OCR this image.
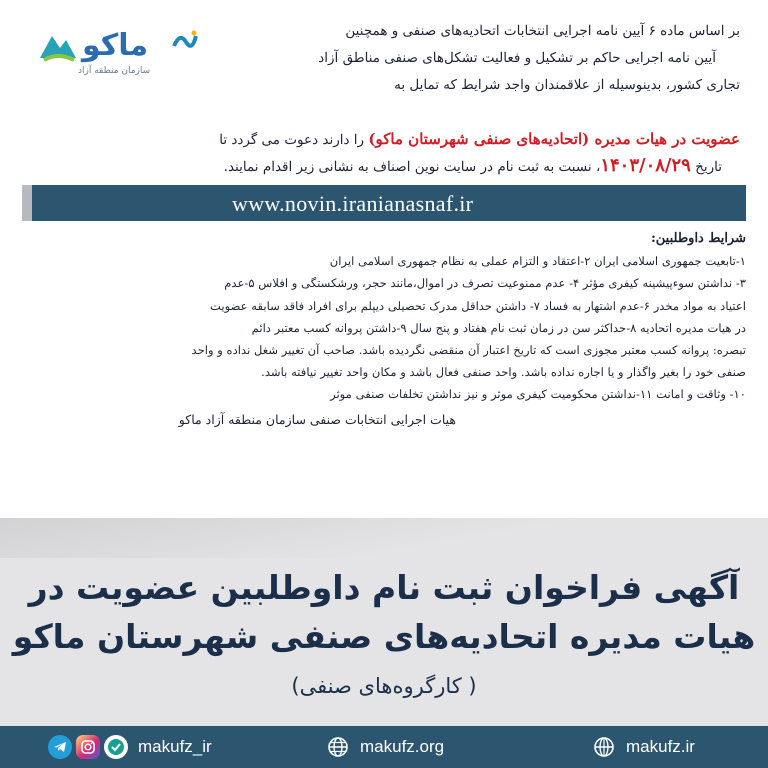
ماکو
سازمان منطقه آزاد

بر اساس ماده ۶ آیین نامه اجرایی انتخابات اتحادیه‌های صنفی و همچنین

آیین نامه اجرایی حاکم بر تشکیل و فعالیت تشکل‌های صنفی مناطق آزاد

تجاری کشور، بدینوسیله از علاقمندان واجد شرایط که تمایل به

عضویت در هیات مدیره (اتحادیه‌های صنفی شهرستان ماکو) را دارند دعوت می گردد تا

تاریخ ۱۴۰۳/۰۸/۲۹، نسبت به ثبت نام در سایت نوین اصناف به نشانی زیر اقدام نمایند.

www.novin.iranianasnaf.ir

شرایط داوطلبین:

۱-تابعیت جمهوری اسلامی ایران ۲-اعتقاد و التزام عملی به نظام جمهوری اسلامی ایران

۳- نداشتن سوءپیشینه کیفری مؤثر ۴- عدم ممنوعیت تصرف در اموال،مانند حجر، ورشکستگی و افلاس ۵-عدم

اعتیاد به مواد مخدر ۶-عدم اشتهار به فساد ۷- داشتن حداقل مدرک تحصیلی دیپلم برای افراد فاقد سابقه عضویت

در هیات مدیره اتحادیه ۸-حداکثر سن در زمان ثبت نام هفتاد و پنج سال ۹-داشتن پروانه کسب معتبر دائم

تبصره: پروانه کسب معتبر مجوزی است که تاریخ اعتبار آن منقضی نگردیده باشد. صاحب آن تغییر شغل نداده و واحد

صنفی خود را بغیر واگذار و یا اجاره نداده باشد. واحد صنفی فعال باشد و مکان واحد تغییر نیافته باشد.

۱۰- وثاقت و امانت ۱۱-نداشتن محکومیت کیفری موثر و نیز نداشتن تخلفات صنفی موثر

هیات اجرایی انتخابات صنفی سازمان منطقه آزاد ماکو

آگهی فراخوان ثبت نام داوطلبین عضویت در
هیات مدیره اتحادیه‌های صنفی شهرستان ماکو
( کارگروه‌های صنفی)
makufz_ir	makufz.org	makufz.ir
